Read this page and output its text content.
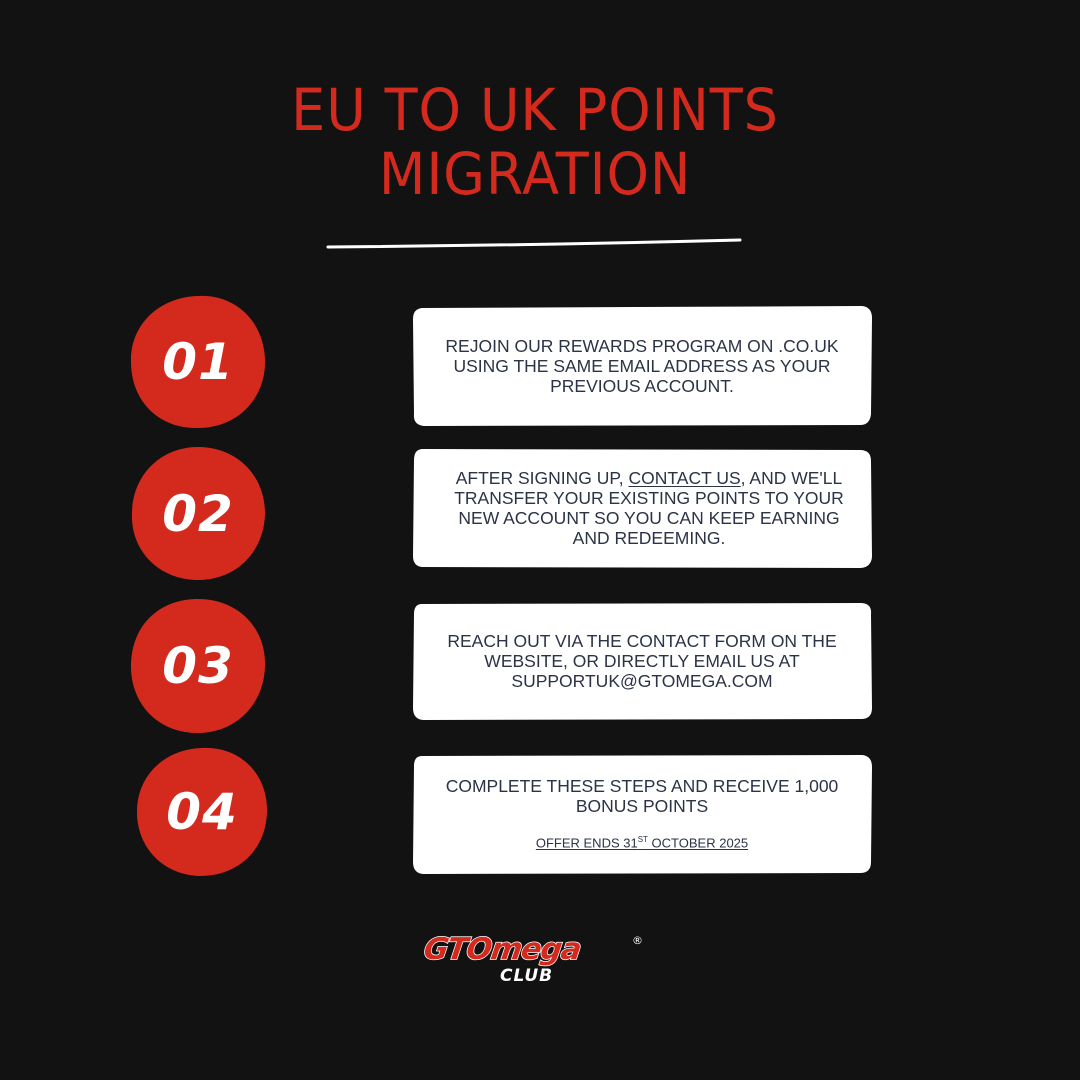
EU TO UK POINTS
MIGRATION
01	REJOIN OUR REWARDS PROGRAM ON .CO.UK USING THE SAME EMAIL ADDRESS AS YOUR PREVIOUS ACCOUNT.

02

AFTER SIGNING UP, CONTACT US, AND WE'LL TRANSFER YOUR EXISTING POINTS TO YOUR NEW ACCOUNT SO YOU CAN KEEP EARNING AND REDEEMING.

03	REACH OUT VIA THE CONTACT FORM ON THE WEBSITE, OR DIRECTLY EMAIL US AT SUPPORTUK@GTOMEGA.COM

04	COMPLETE THESE STEPS AND RECEIVE 1,000 BONUS POINTS

OFFER ENDS 31ST OCTOBER 2025

GTOmega	®
CLUB
